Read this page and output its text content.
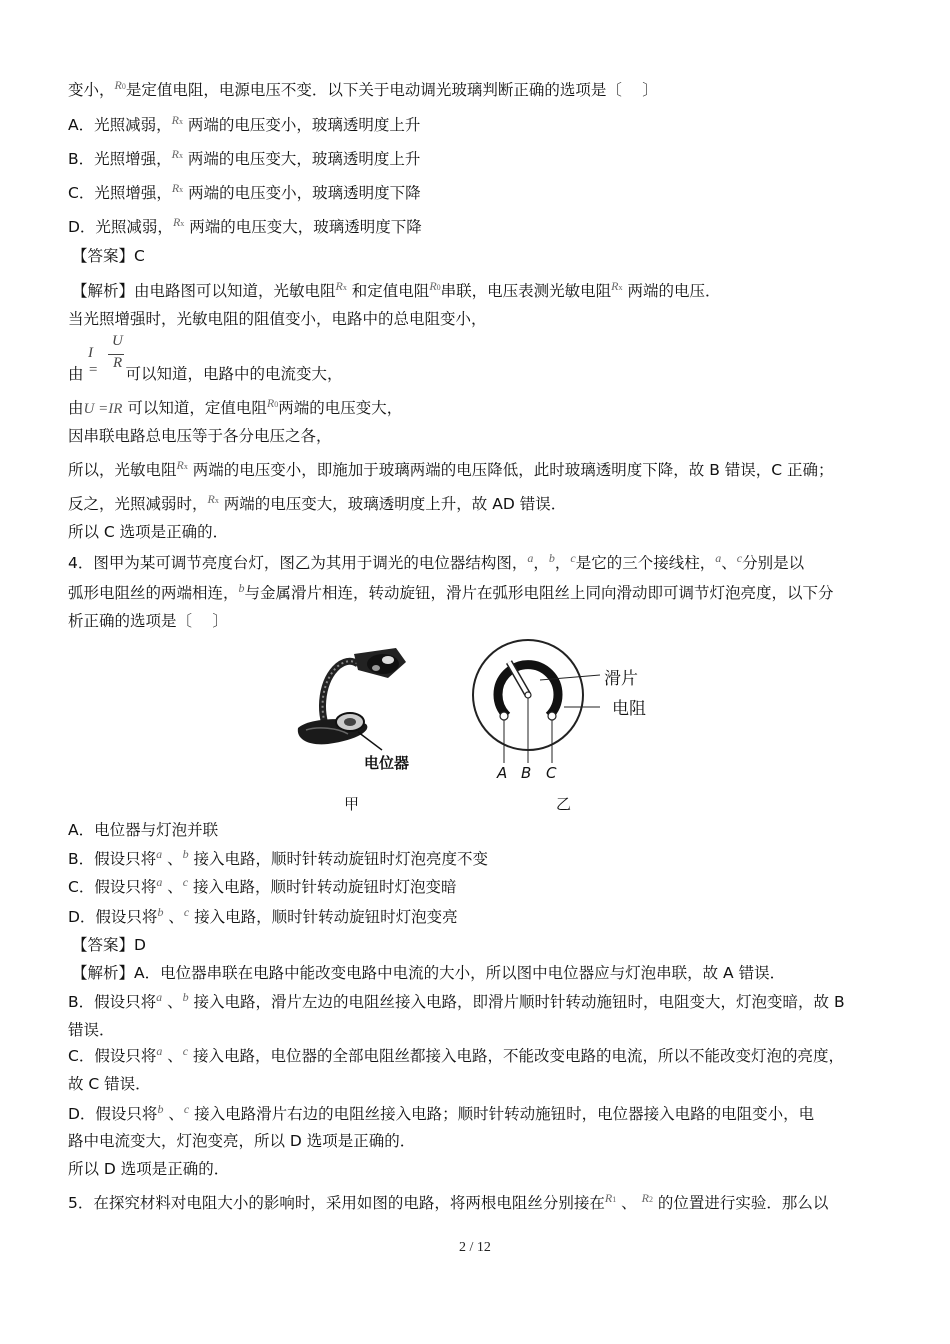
变小，$^{R0}$是定值电阻，电源电压不变．以下关于电动调光玻璃判断正确的选项是〔　 〕
A．光照减弱，$^{Rx}$ 两端的电压变小，玻璃透明度上升
B．光照增强，$^{Rx}$ 两端的电压变大，玻璃透明度上升
C．光照增强，$^{Rx}$ 两端的电压变小，玻璃透明度下降
D．光照减弱，$^{Rx}$ 两端的电压变大，玻璃透明度下降
【答案】C
【解析】由电路图可以知道，光敏电阻$^{Rx}$ 和定值电阻$^{R0}$串联，电压表测光敏电阻$^{Rx}$ 两端的电压．
当光照增强时，光敏电阻的阻值变小，电路中的总电阻变小，
I =
U
R
由	可以知道，电路中的电流变大，
由U =IR 可以知道，定值电阻$^{R0}$两端的电压变大，
因串联电路总电压等于各分电压之各，
所以，光敏电阻$^{Rx}$ 两端的电压变小，即施加于玻璃两端的电压降低，此时玻璃透明度下降，故 B 错误，C 正确；
反之，光照减弱时，$^{Rx}$ 两端的电压变大，玻璃透明度上升，故 AD 错误．
所以 C 选项是正确的．
4．图甲为某可调节亮度台灯，图乙为其用于调光的电位器结构图，$^a$，$^b$，$^c$是它的三个接线柱，$^a$、$^c$分别是以
弧形电阻丝的两端相连，$^b$与金属滑片相连，转动旋钮，滑片在弧形电阻丝上同向滑动即可调节灯泡亮度，以下分
析正确的选项是〔　 〕
电位器
甲
滑片
电阻
A B C
乙
A．电位器与灯泡并联
B．假设只将$^a$ 、$^b$ 接入电路，顺时针转动旋钮时灯泡亮度不变
C．假设只将$^a$ 、$^c$ 接入电路，顺时针转动旋钮时灯泡变暗
D．假设只将$^b$ 、$^c$ 接入电路，顺时针转动旋钮时灯泡变亮
【答案】D
【解析】A．电位器串联在电路中能改变电路中电流的大小，所以图中电位器应与灯泡串联，故 A 错误．
B．假设只将$^a$ 、$^b$ 接入电路，滑片左边的电阻丝接入电路，即滑片顺时针转动施钮时，电阻变大，灯泡变暗，故 B
错误．
C．假设只将$^a$ 、$^c$ 接入电路，电位器的全部电阻丝都接入电路，不能改变电路的电流，所以不能改变灯泡的亮度，
故 C 错误．
D．假设只将$^b$ 、$^c$ 接入电路滑片右边的电阻丝接入电路；顺时针转动施钮时，电位器接入电路的电阻变小，电
路中电流变大，灯泡变亮，所以 D 选项是正确的．
所以 D 选项是正确的．
5．在探究材料对电阻大小的影响时，采用如图的电路，将两根电阻丝分别接在$^{R1}$ 、 $^{R2}$ 的位置进行实验．那么以
2 / 12
